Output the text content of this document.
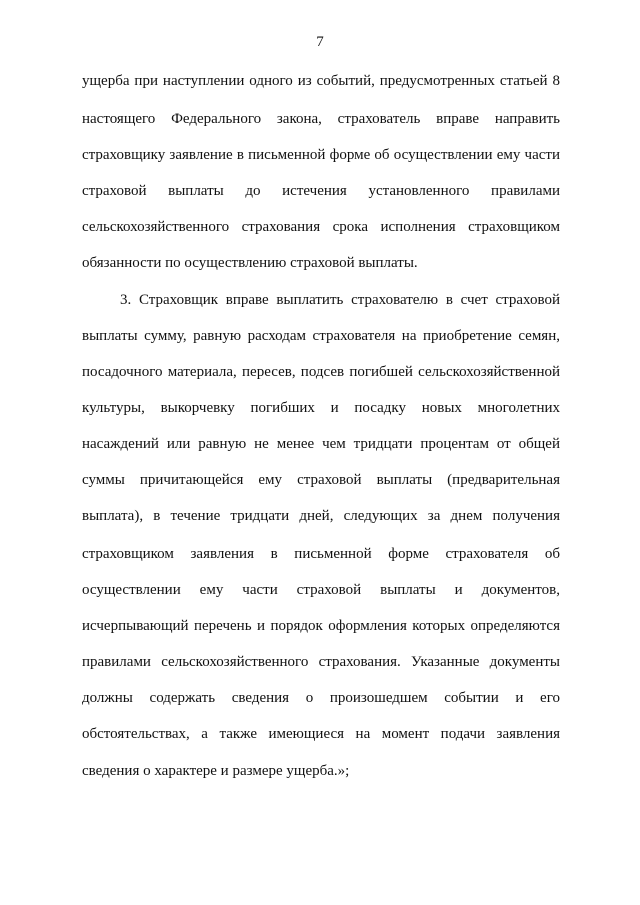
7
ущерба при наступлении одного из событий, предусмотренных статьей 8
настоящего Федерального закона, страхователь вправе направить
страховщику заявление в письменной форме об осуществлении ему части
страховой выплаты до истечения установленного правилами
сельскохозяйственного страхования срока исполнения страховщиком
обязанности по осуществлению страховой выплаты.
3. Страховщик вправе выплатить страхователю в счет страховой
выплаты сумму, равную расходам страхователя на приобретение семян,
посадочного материала, пересев, подсев погибшей сельскохозяйственной
культуры, выкорчевку погибших и посадку новых многолетних
насаждений или равную не менее чем тридцати процентам от общей
суммы причитающейся ему страховой выплаты (предварительная
выплата), в течение тридцати дней, следующих за днем получения
страховщиком заявления в письменной форме страхователя об
осуществлении ему части страховой выплаты и документов,
исчерпывающий перечень и порядок оформления которых определяются
правилами сельскохозяйственного страхования. Указанные документы
должны содержать сведения о произошедшем событии и его
обстоятельствах, а также имеющиеся на момент подачи заявления
сведения о характере и размере ущерба.»;
